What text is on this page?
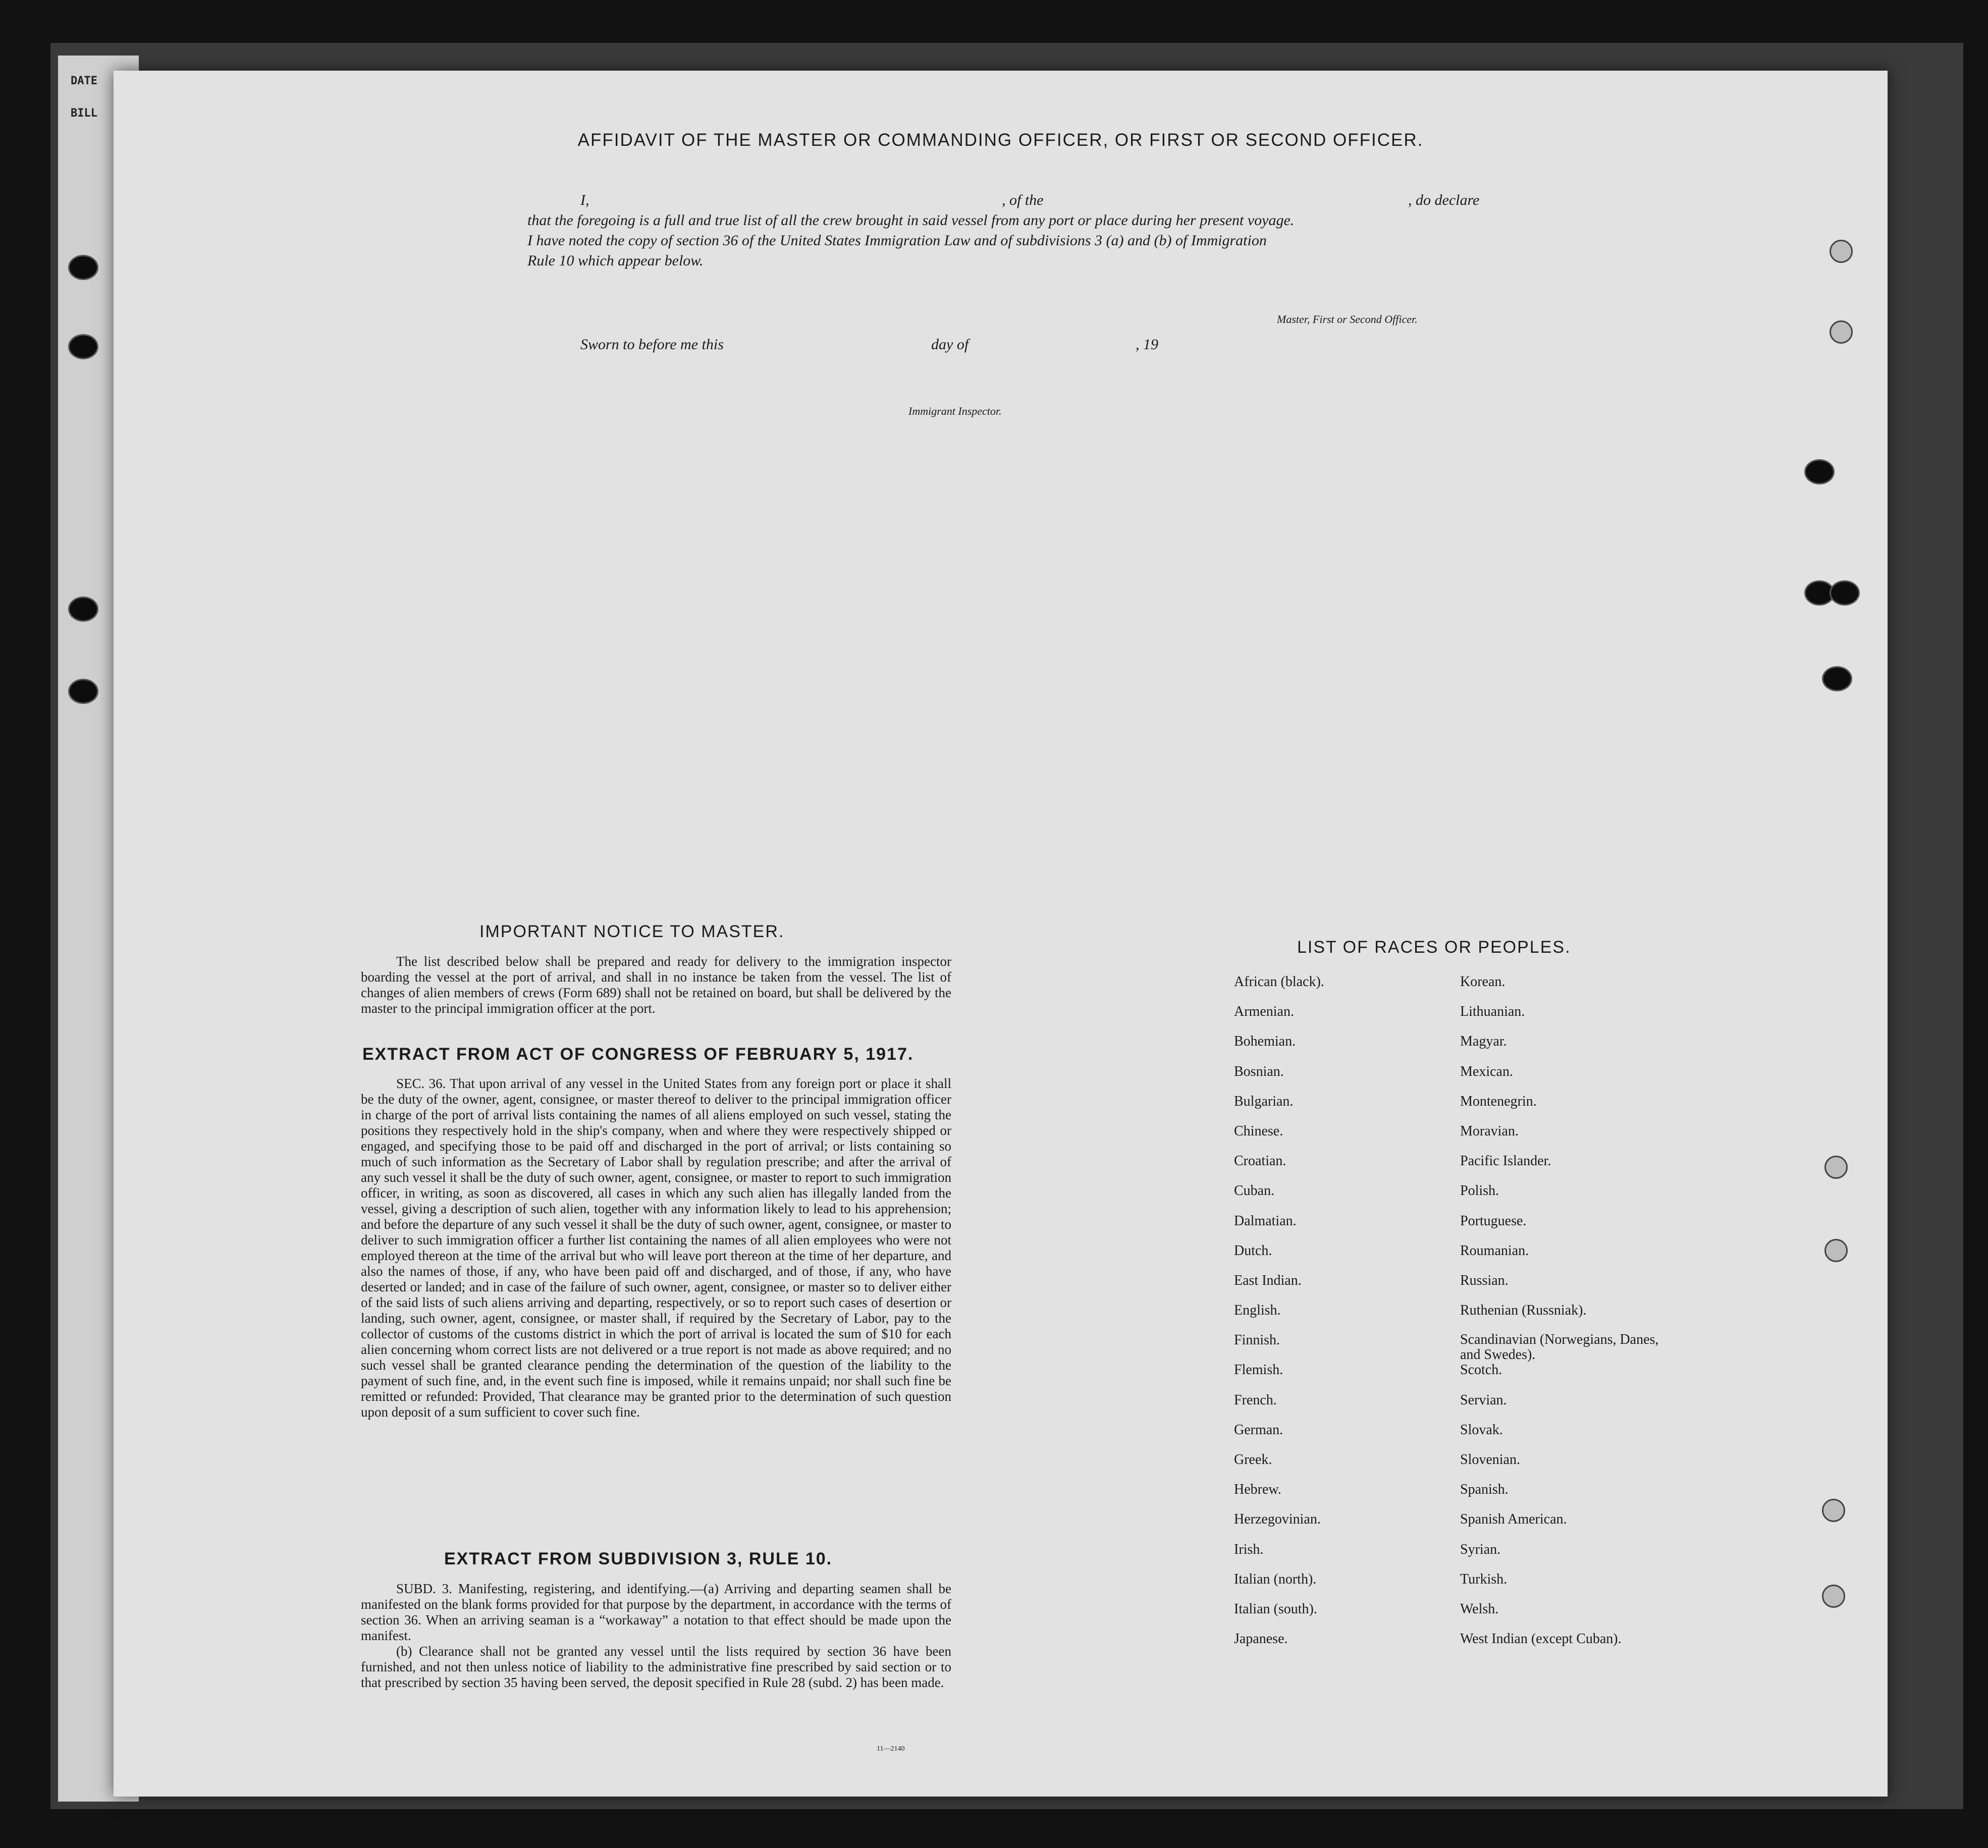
DATE
BILL
AFFIDAVIT OF THE MASTER OR COMMANDING OFFICER, OR FIRST OR SECOND OFFICER.
I,	, of the	, do declare
that the foregoing is a full and true list of all the crew brought in said vessel from any port or place during her present voyage.
I have noted the copy of section 36 of the United States Immigration Law and of subdivisions 3 (a) and (b) of Immigration
Rule 10 which appear below.
Master, First or Second Officer.
Sworn to before me this	day of	, 19
Immigrant Inspector.
IMPORTANT NOTICE TO MASTER.

The list described below shall be prepared and ready for delivery to the immigration inspector boarding the vessel at the port of arrival, and shall in no instance be taken from the vessel. The list of changes of alien members of crews (Form 689) shall not be retained on board, but shall be delivered by the master to the principal immigration officer at the port.

EXTRACT FROM ACT OF CONGRESS OF FEBRUARY 5, 1917.

SEC. 36. That upon arrival of any vessel in the United States from any foreign port or place it shall be the duty of the owner, agent, consignee, or master thereof to deliver to the principal immigration officer in charge of the port of arrival lists containing the names of all aliens employed on such vessel, stating the positions they respectively hold in the ship's company, when and where they were respectively shipped or engaged, and specifying those to be paid off and discharged in the port of arrival; or lists containing so much of such information as the Secretary of Labor shall by regulation prescribe; and after the arrival of any such vessel it shall be the duty of such owner, agent, consignee, or master to report to such immigration officer, in writing, as soon as discovered, all cases in which any such alien has illegally landed from the vessel, giving a description of such alien, together with any information likely to lead to his apprehension; and before the departure of any such vessel it shall be the duty of such owner, agent, consignee, or master to deliver to such immigration officer a further list containing the names of all alien employees who were not employed thereon at the time of the arrival but who will leave port thereon at the time of her departure, and also the names of those, if any, who have been paid off and discharged, and of those, if any, who have deserted or landed; and in case of the failure of such owner, agent, consignee, or master so to deliver either of the said lists of such aliens arriving and departing, respectively, or so to report such cases of desertion or landing, such owner, agent, consignee, or master shall, if required by the Secretary of Labor, pay to the collector of customs of the customs district in which the port of arrival is located the sum of $10 for each alien concerning whom correct lists are not delivered or a true report is not made as above required; and no such vessel shall be granted clearance pending the determination of the question of the liability to the payment of such fine, and, in the event such fine is imposed, while it remains unpaid; nor shall such fine be remitted or refunded: Provided, That clearance may be granted prior to the determination of such question upon deposit of a sum sufficient to cover such fine.

EXTRACT FROM SUBDIVISION 3, RULE 10.

SUBD. 3. Manifesting, registering, and identifying.—(a) Arriving and departing seamen shall be manifested on the blank forms provided for that purpose by the department, in accordance with the terms of section 36. When an arriving seaman is a “workaway” a notation to that effect should be made upon the manifest.

(b) Clearance shall not be granted any vessel until the lists required by section 36 have been furnished, and not then unless notice of liability to the administrative fine prescribed by said section or to that prescribed by section 35 having been served, the deposit specified in Rule 28 (subd. 2) has been made.

11—2140
LIST OF RACES OR PEOPLES.
African (black).
Armenian.
Bohemian.
Bosnian.
Bulgarian.
Chinese.
Croatian.
Cuban.
Dalmatian.
Dutch.
East Indian.
English.
Finnish.
Flemish.
French.
German.
Greek.
Hebrew.
Herzegovinian.
Irish.
Italian (north).
Italian (south).
Japanese.
Korean.
Lithuanian.
Magyar.
Mexican.
Montenegrin.
Moravian.
Pacific Islander.
Polish.
Portuguese.
Roumanian.
Russian.
Ruthenian (Russniak).
Scandinavian (Norwegians, Danes, and Swedes).
Scotch.
Servian.
Slovak.
Slovenian.
Spanish.
Spanish American.
Syrian.
Turkish.
Welsh.
West Indian (except Cuban).
